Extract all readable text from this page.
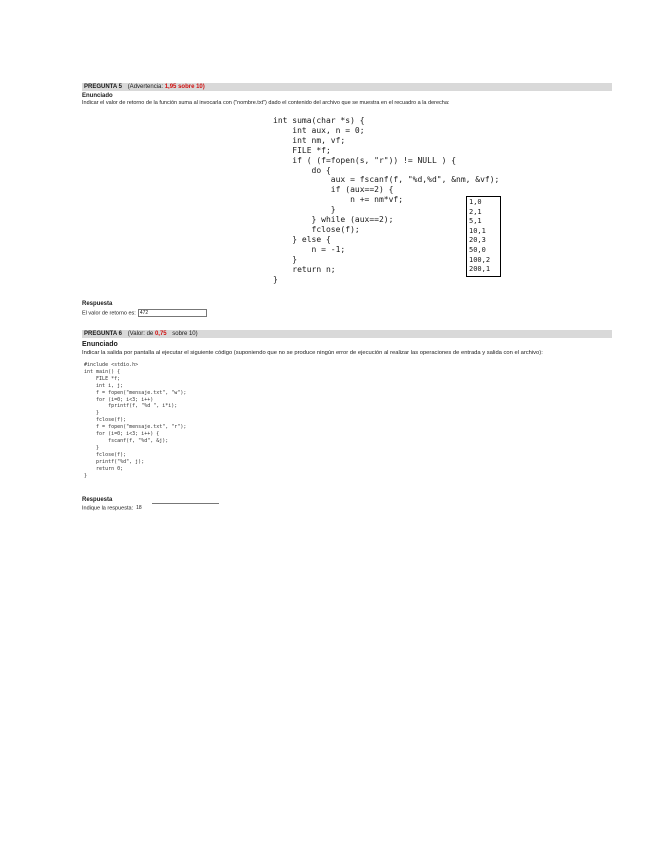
PREGUNTA 5 (Advertencia: 1,95 sobre 10)
Enunciado
Indicar el valor de retorno de la función suma al invocarla con ("nombre.txt") dado el contenido del archivo que se muestra en el recuadro a la derecha:
int suma(char *s) {
int aux, n = 0;
int nm, vf;
FILE *f;
if ( (f=fopen(s, "r")) != NULL ) {
do {
aux = fscanf(f, "%d,%d", &nm, &vf);
if (aux==2) {
n += nm*vf;
}
} while (aux==2);
fclose(f);
} else {
n = -1;
}
return n;
}

1,0
2,1
5,1
10,1
20,3
50,0
100,2
200,1
Respuesta
El valor de retorno es: 472
PREGUNTA 6 (Valor: de 0,75 sobre 10)
Enunciado
Indicar la salida por pantalla al ejecutar el siguiente código (suponiendo que no se produce ningún error de ejecución al realizar las operaciones de entrada y salida con el archivo):
#include <stdio.h>
int main() {
FILE *f;
int i, j;
f = fopen("mensaje.txt", "w");
for (i=0; i<3; i++)
fprintf(f, "%d ", i*i);
}
fclose(f);
f = fopen("mensaje.txt", "r");
for (i=0; i<3; i++) {
fscanf(f, "%d", &j);
}
fclose(f);
printf("%d", j);
return 0;
}

Respuesta
Indique la respuesta: 18
